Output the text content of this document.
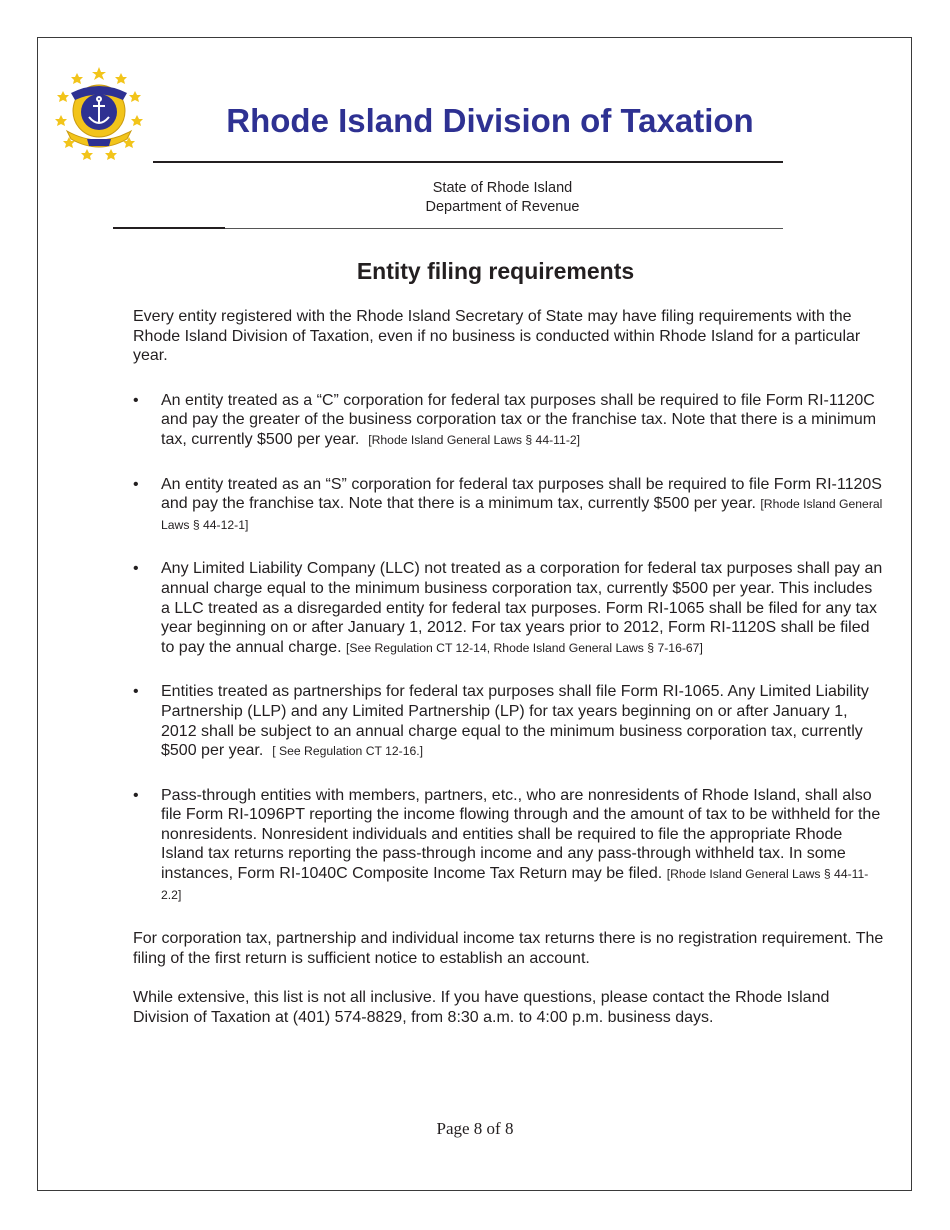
Rhode Island Division of Taxation
State of Rhode Island
Department of Revenue
Entity filing requirements

Every entity registered with the Rhode Island Secretary of State may have filing requirements with the Rhode Island Division of Taxation, even if no business is conducted within Rhode Island for a particular year.

• An entity treated as a “C” corporation for federal tax purposes shall be required to file Form RI-1120C and pay the greater of the business corporation tax or the franchise tax. Note that there is a minimum tax, currently $500 per year. [Rhode Island General Laws § 44-11-2]
• An entity treated as an “S” corporation for federal tax purposes shall be required to file Form RI-1120S and pay the franchise tax. Note that there is a minimum tax, currently $500 per year. [Rhode Island General Laws § 44-12-1]
• Any Limited Liability Company (LLC) not treated as a corporation for federal tax purposes shall pay an annual charge equal to the minimum business corporation tax, currently $500 per year. This includes a LLC treated as a disregarded entity for federal tax purposes. Form RI-1065 shall be filed for any tax year beginning on or after January 1, 2012. For tax years prior to 2012, Form RI-1120S shall be filed to pay the annual charge. [See Regulation CT 12-14, Rhode Island General Laws § 7-16-67]
• Entities treated as partnerships for federal tax purposes shall file Form RI-1065. Any Limited Liability Partnership (LLP) and any Limited Partnership (LP) for tax years beginning on or after January 1, 2012 shall be subject to an annual charge equal to the minimum business corporation tax, currently $500 per year. [ See Regulation CT 12-16.]
• Pass-through entities with members, partners, etc., who are nonresidents of Rhode Island, shall also file Form RI-1096PT reporting the income flowing through and the amount of tax to be withheld for the nonresidents. Nonresident individuals and entities shall be required to file the appropriate Rhode Island tax returns reporting the pass-through income and any pass-through withheld tax. In some instances, Form RI-1040C Composite Income Tax Return may be filed. [Rhode Island General Laws § 44-11-2.2]

For corporation tax, partnership and individual income tax returns there is no registration requirement. The filing of the first return is sufficient notice to establish an account.

While extensive, this list is not all inclusive. If you have questions, please contact the Rhode Island Division of Taxation at (401) 574-8829, from 8:30 a.m. to 4:00 p.m. business days.

Page 8 of 8
